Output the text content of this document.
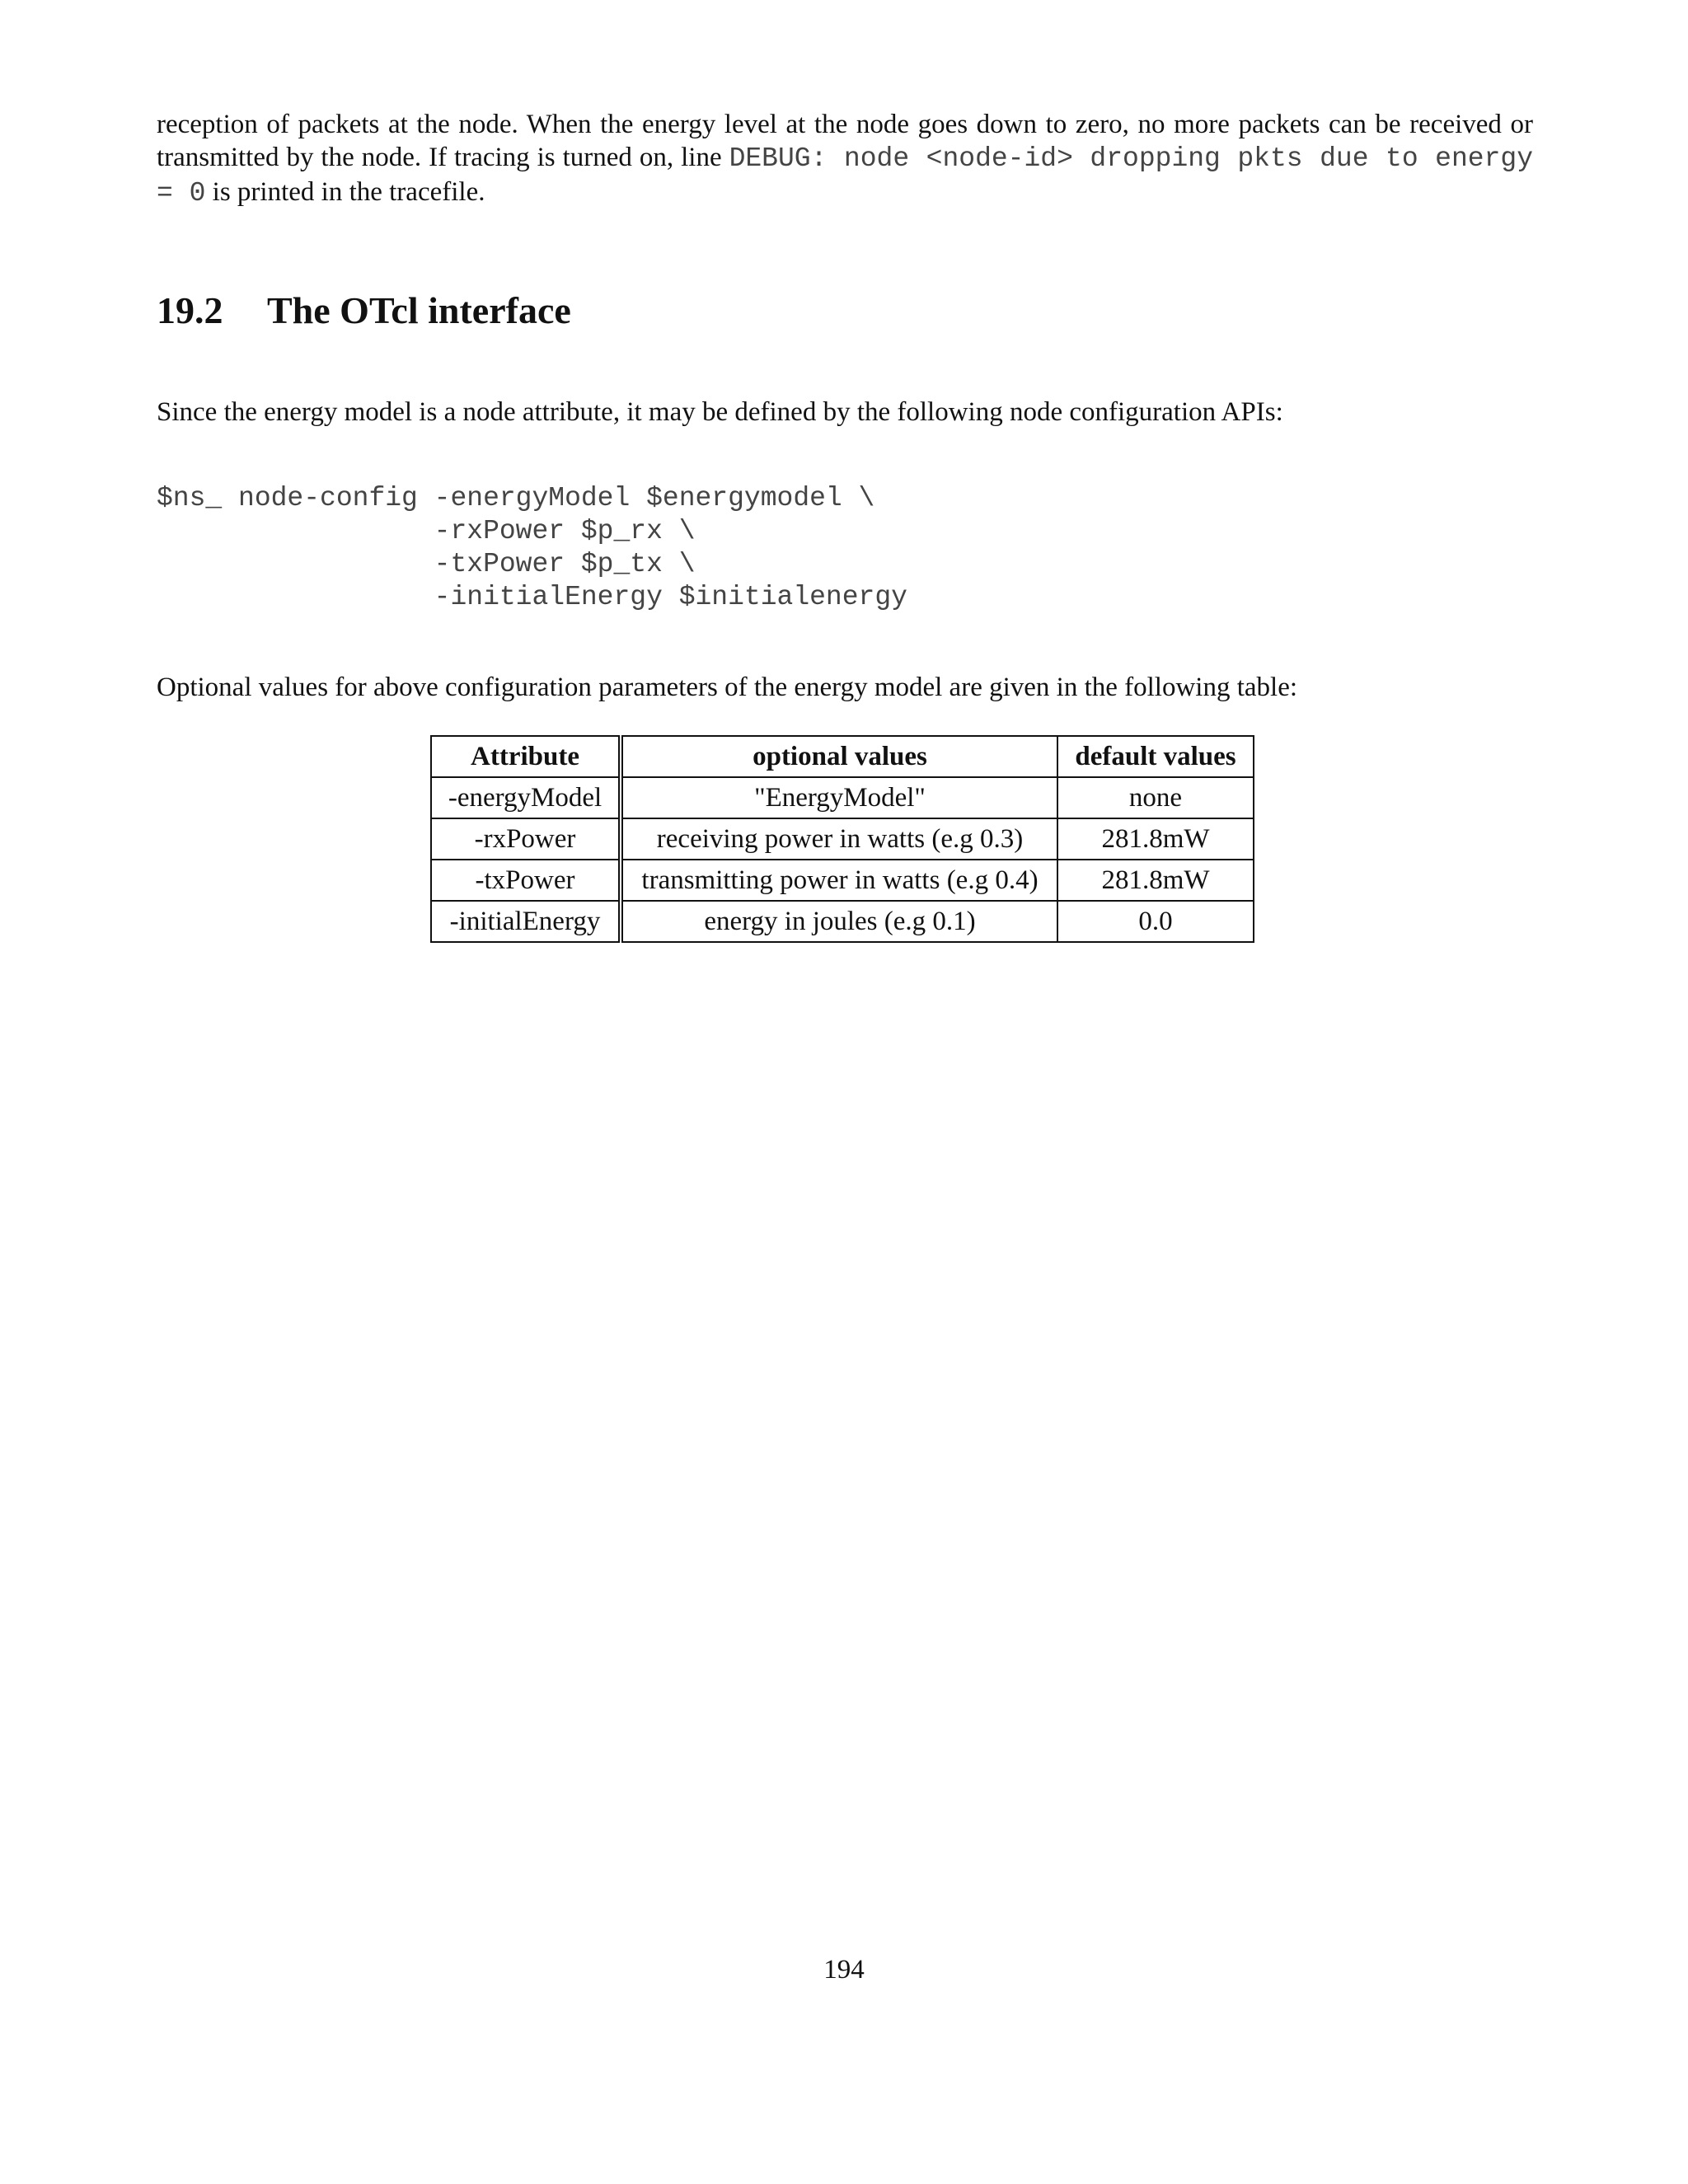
reception of packets at the node. When the energy level at the node goes down to zero, no more packets can be received or
transmitted by the node. If tracing is turned on, line DEBUG: node <node-id> dropping pkts due to energy
= 0 is printed in the tracefile.
19.2 The OTcl interface
Since the energy model is a node attribute, it may be defined by the following node configuration APIs:
$ns_ node-config -energyModel $energymodel \
-rxPower $p_rx \
-txPower $p_tx \
-initialEnergy $initialenergy
Optional values for above configuration parameters of the energy model are given in the following table:
Attribute	optional values	default values
-energyModel	"EnergyModel"	none
-rxPower	receiving power in watts (e.g 0.3)	281.8mW
-txPower	transmitting power in watts (e.g 0.4)	281.8mW
-initialEnergy	energy in joules (e.g 0.1)	0.0
194
